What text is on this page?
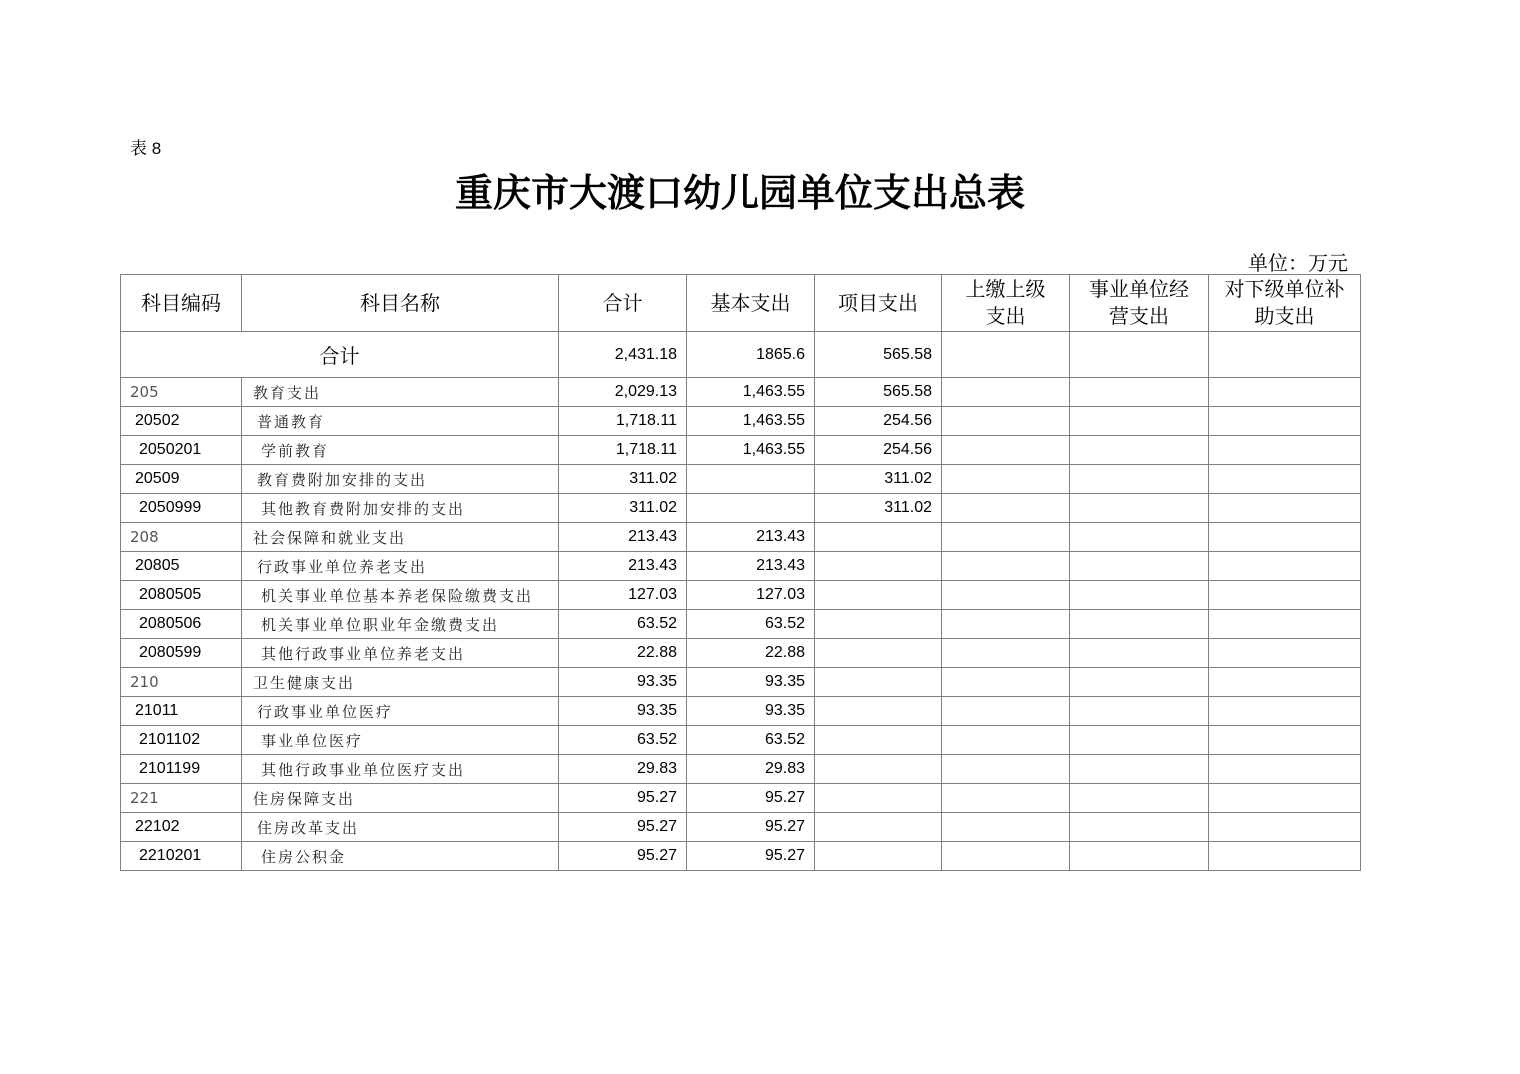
表 8
重庆市大渡口幼儿园单位支出总表
单位：万元
科目编码	科目名称	合计	基本支出	项目支出	上缴上级支出	事业单位经营支出	对下级单位补助支出
合计		2,431.18	1865.6	565.58			
205	教育支出	2,029.13	1,463.55	565.58			
20502	普通教育	1,718.11	1,463.55	254.56			
2050201	学前教育	1,718.11	1,463.55	254.56			
20509	教育费附加安排的支出	311.02		311.02			
2050999	其他教育费附加安排的支出	311.02		311.02			
208	社会保障和就业支出	213.43	213.43				
20805	行政事业单位养老支出	213.43	213.43				
2080505	机关事业单位基本养老保险缴费支出	127.03	127.03				
2080506	机关事业单位职业年金缴费支出	63.52	63.52				
2080599	其他行政事业单位养老支出	22.88	22.88				
210	卫生健康支出	93.35	93.35				
21011	行政事业单位医疗	93.35	93.35				
2101102	事业单位医疗	63.52	63.52				
2101199	其他行政事业单位医疗支出	29.83	29.83				
221	住房保障支出	95.27	95.27				
22102	住房改革支出	95.27	95.27				
2210201	住房公积金	95.27	95.27				
